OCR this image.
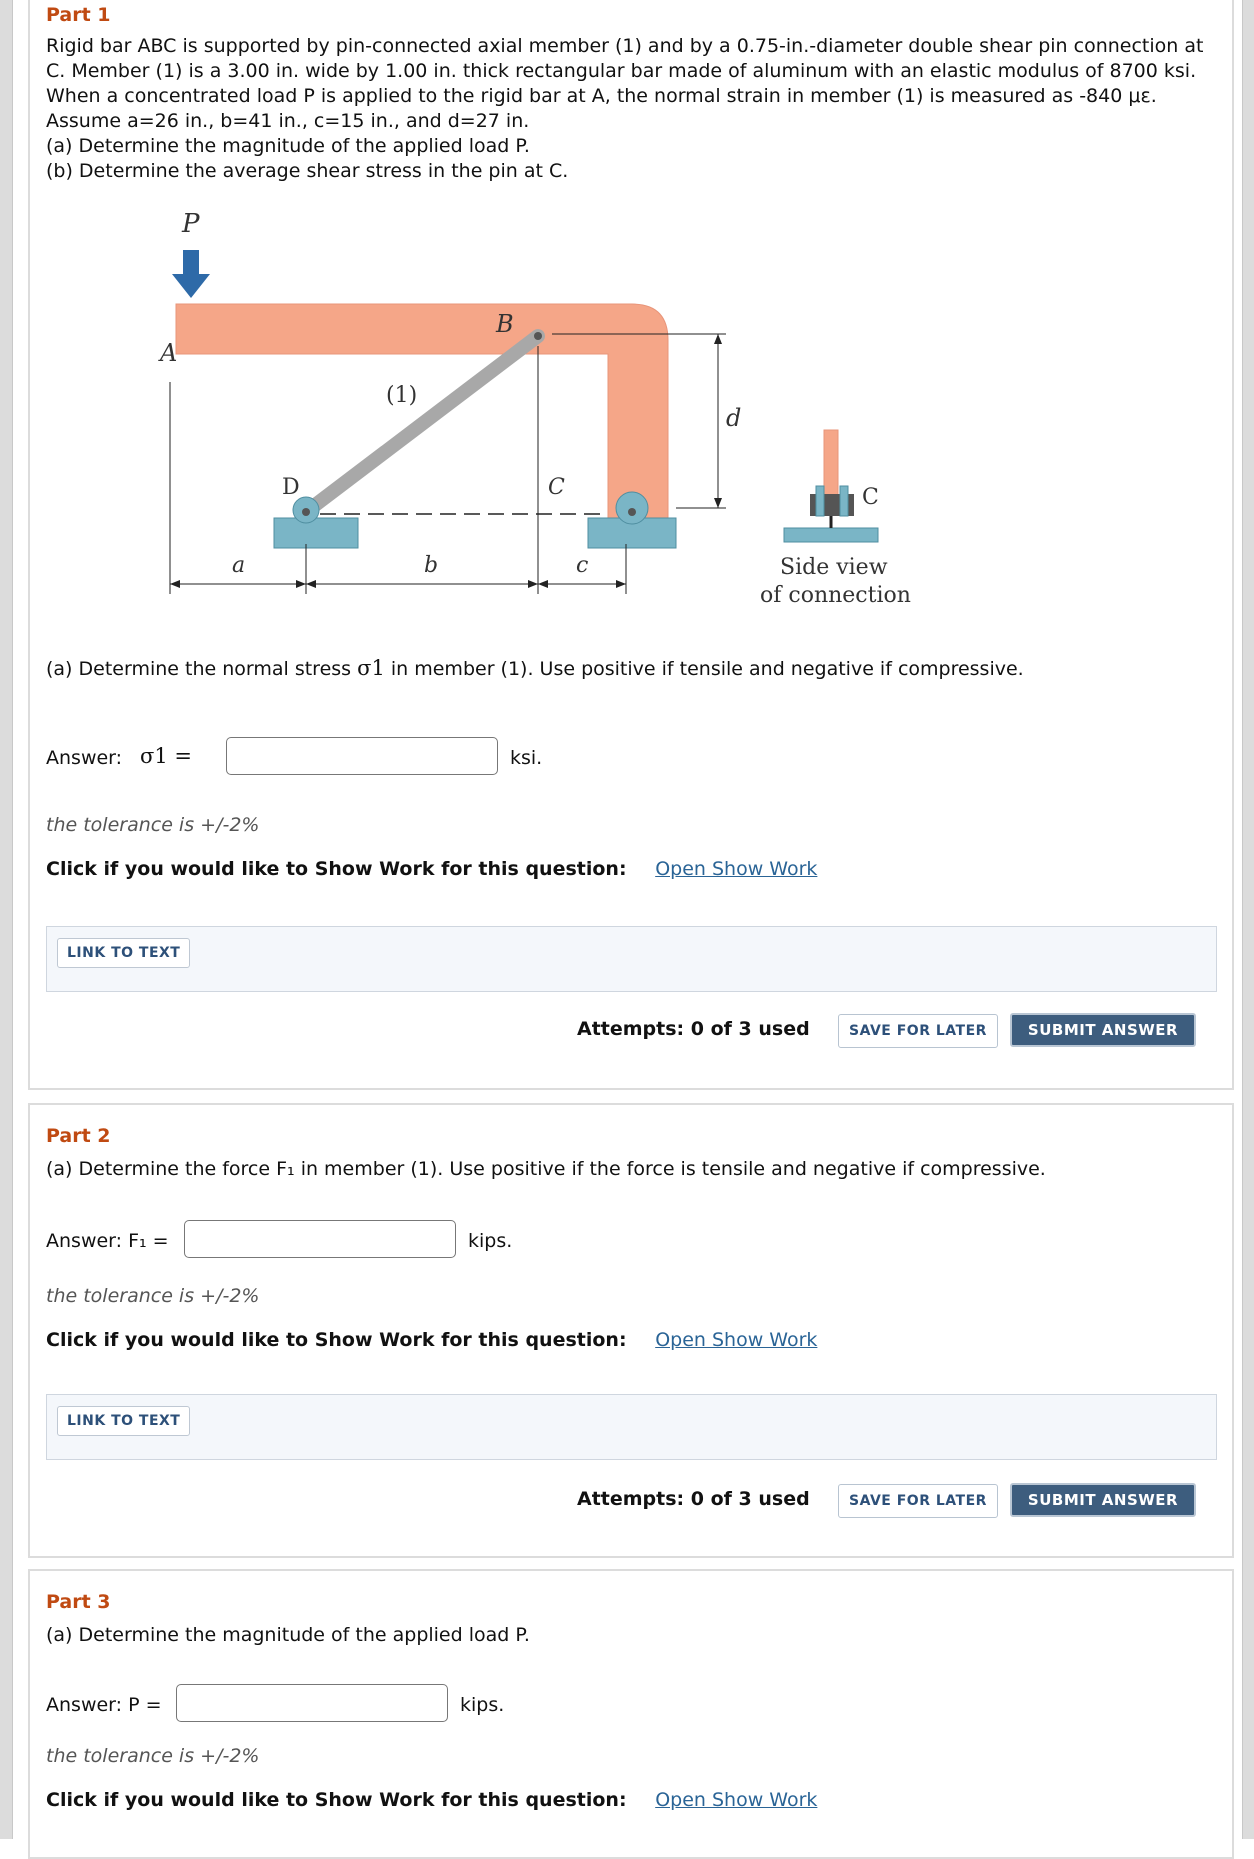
Part 1
Rigid bar ABC is supported by pin-connected axial member (1) and by a 0.75-in.-diameter double shear pin connection at
C. Member (1) is a 3.00 in. wide by 1.00 in. thick rectangular bar made of aluminum with an elastic modulus of 8700 ksi.
When a concentrated load P is applied to the rigid bar at A, the normal strain in member (1) is measured as -840 με.
Assume a=26 in., b=41 in., c=15 in., and d=27 in.
(a) Determine the magnitude of the applied load P.
(b) Determine the average shear stress in the pin at C.
P
A
B
(1)
D	C
a	b	c
d
C
Side view
of connection
(a) Determine the normal stress σ1 in member (1). Use positive if tensile and negative if compressive.
Answer: σ1 =	ksi.
the tolerance is +/-2%
Click if you would like to Show Work for this question: Open Show Work
LINK TO TEXT
Attempts: 0 of 3 used	SAVE FOR LATER	SUBMIT ANSWER
Part 2
(a) Determine the force F₁ in member (1). Use positive if the force is tensile and negative if compressive.
Answer: F₁ =	kips.
the tolerance is +/-2%
Click if you would like to Show Work for this question: Open Show Work
LINK TO TEXT
Attempts: 0 of 3 used	SAVE FOR LATER	SUBMIT ANSWER
Part 3
(a) Determine the magnitude of the applied load P.
Answer: P =	kips.
the tolerance is +/-2%
Click if you would like to Show Work for this question: Open Show Work
